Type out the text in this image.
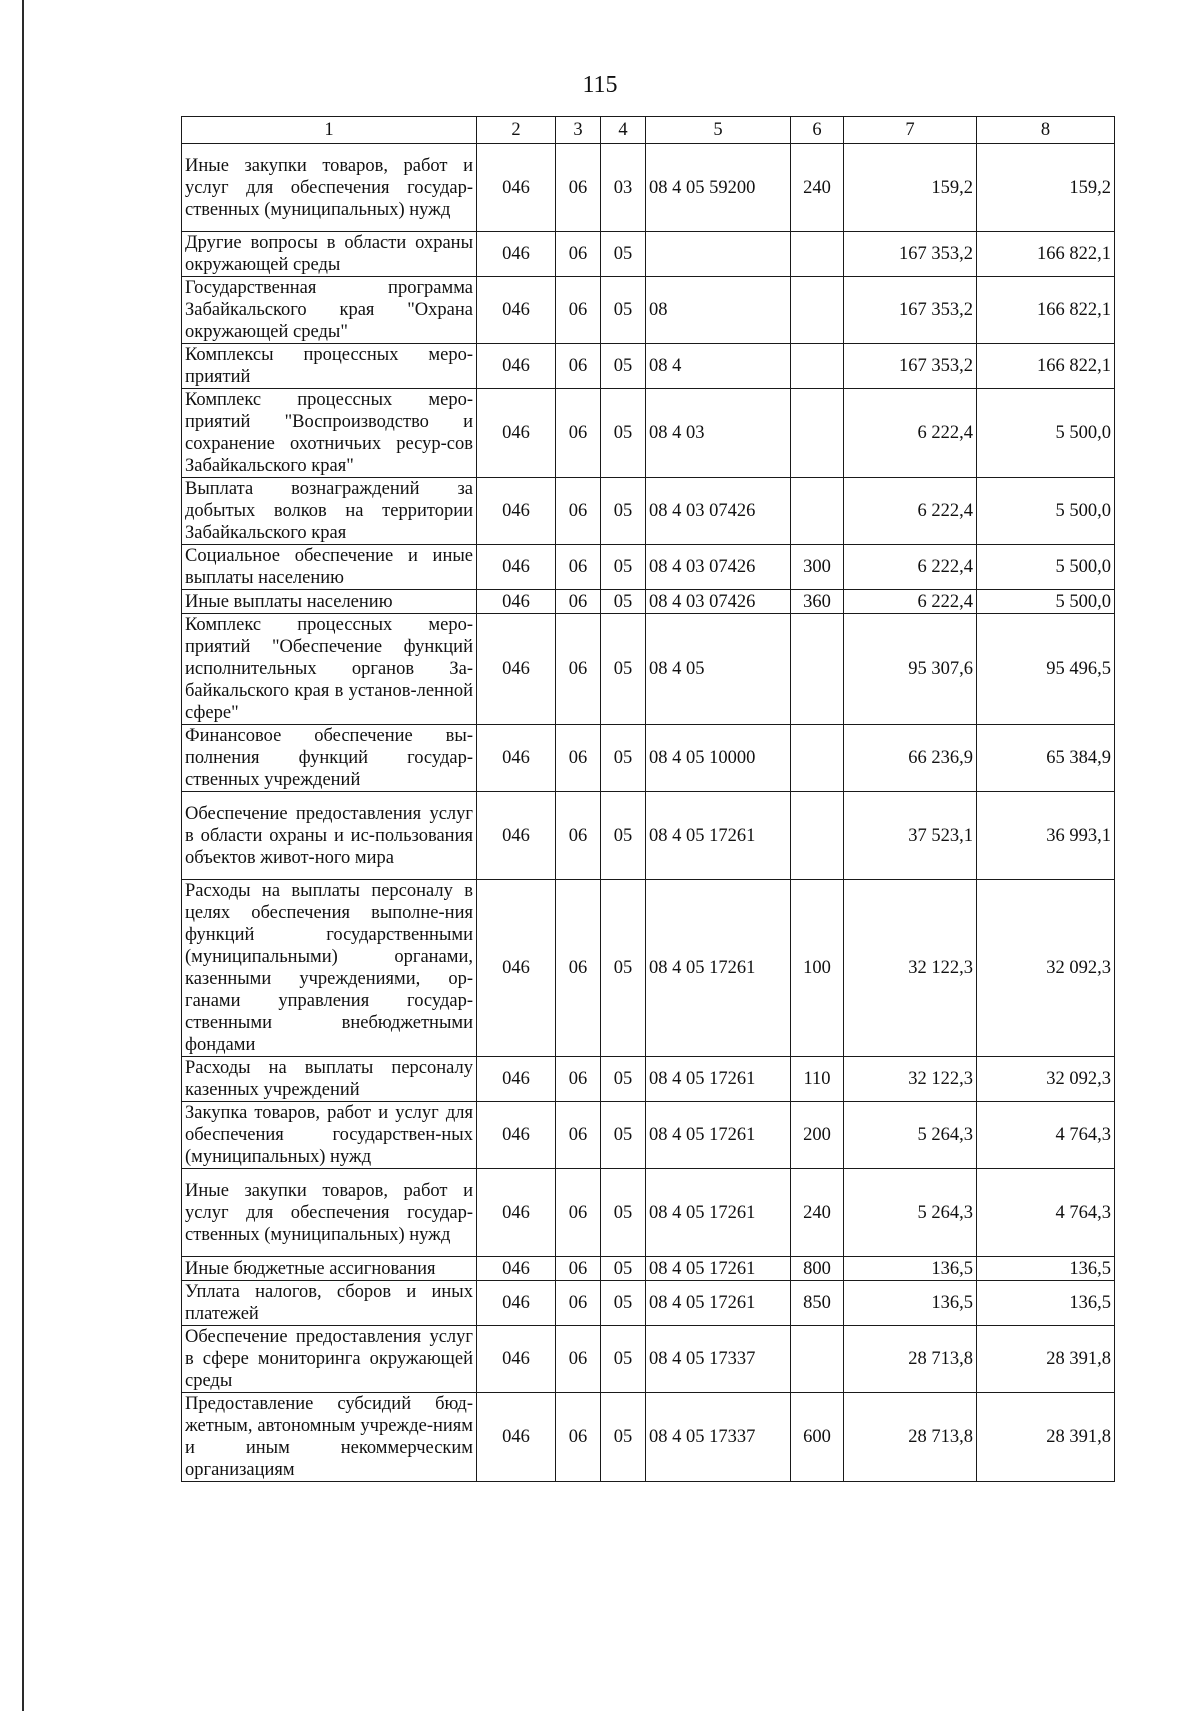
115
1	2	3	4	5	6	7	8
Иные закупки товаров, работ и услуг для обеспечения государ-ственных (муниципальных) нужд	046	06	03	08 4 05 59200	240	159,2	159,2
Другие вопросы в области охраны окружающей среды	046	06	05			167 353,2	166 822,1
Государственная программа Забайкальского края "Охрана окружающей среды"	046	06	05	08		167 353,2	166 822,1
Комплексы процессных меро-приятий	046	06	05	08 4		167 353,2	166 822,1
Комплекс процессных меро-приятий "Воспроизводство и сохранение охотничьих ресур-сов Забайкальского края"	046	06	05	08 4 03		6 222,4	5 500,0
Выплата вознаграждений за добытых волков на территории Забайкальского края	046	06	05	08 4 03 07426		6 222,4	5 500,0
Социальное обеспечение и иные выплаты населению	046	06	05	08 4 03 07426	300	6 222,4	5 500,0
Иные выплаты населению	046	06	05	08 4 03 07426	360	6 222,4	5 500,0
Комплекс процессных меро-приятий "Обеспечение функций исполнительных органов За-байкальского края в установ-ленной сфере"	046	06	05	08 4 05		95 307,6	95 496,5
Финансовое обеспечение вы-полнения функций государ-ственных учреждений	046	06	05	08 4 05 10000		66 236,9	65 384,9
Обеспечение предоставления услуг в области охраны и ис-пользования объектов живот-ного мира	046	06	05	08 4 05 17261		37 523,1	36 993,1
Расходы на выплаты персоналу в целях обеспечения выполне-ния функций государственными (муниципальными) органами, казенными учреждениями, ор-ганами управления государ-ственными внебюджетными фондами	046	06	05	08 4 05 17261	100	32 122,3	32 092,3
Расходы на выплаты персоналу казенных учреждений	046	06	05	08 4 05 17261	110	32 122,3	32 092,3
Закупка товаров, работ и услуг для обеспечения государствен-ных (муниципальных) нужд	046	06	05	08 4 05 17261	200	5 264,3	4 764,3
Иные закупки товаров, работ и услуг для обеспечения государ-ственных (муниципальных) нужд	046	06	05	08 4 05 17261	240	5 264,3	4 764,3
Иные бюджетные ассигнования	046	06	05	08 4 05 17261	800	136,5	136,5
Уплата налогов, сборов и иных платежей	046	06	05	08 4 05 17261	850	136,5	136,5
Обеспечение предоставления услуг в сфере мониторинга окружающей среды	046	06	05	08 4 05 17337		28 713,8	28 391,8
Предоставление субсидий бюд-жетным, автономным учрежде-ниям и иным некоммерческим организациям	046	06	05	08 4 05 17337	600	28 713,8	28 391,8
